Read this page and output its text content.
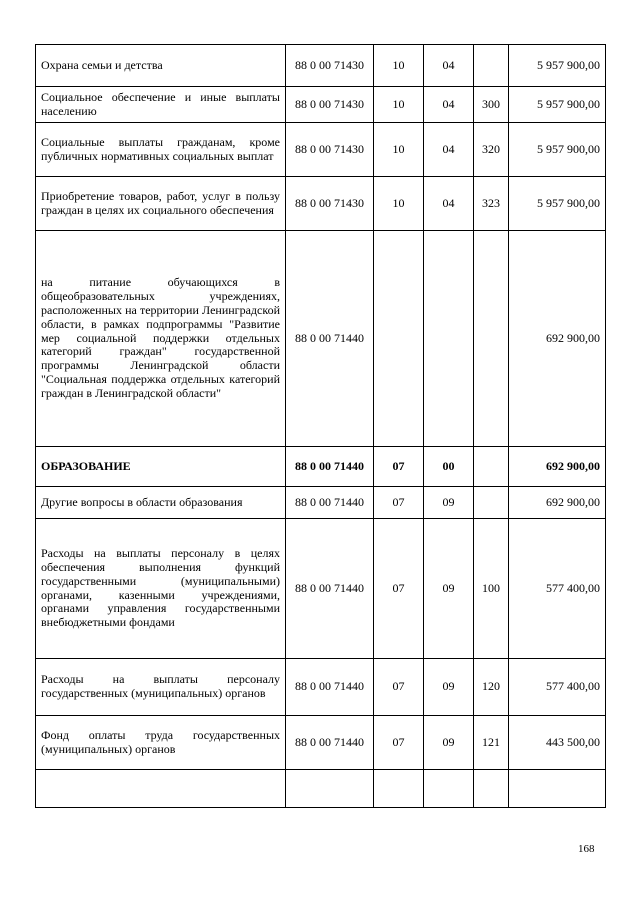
Охрана семьи и детства	88 0 00 71430	10	04		5 957 900,00
Социальное обеспечение и иные выплаты населению	88 0 00 71430	10	04	300	5 957 900,00
Социальные выплаты гражданам, кроме публичных нормативных социальных выплат	88 0 00 71430	10	04	320	5 957 900,00
Приобретение товаров, работ, услуг в пользу граждан в целях их социального обеспечения	88 0 00 71430	10	04	323	5 957 900,00
на питание обучающихся в общеобразовательных учреждениях, расположенных на территории Ленинградской области, в рамках подпрограммы "Развитие мер социальной поддержки отдельных категорий граждан" государственной программы Ленинградской области "Социальная поддержка отдельных категорий граждан в Ленинградской области"	88 0 00 71440				692 900,00
ОБРАЗОВАНИЕ	88 0 00 71440	07	00		692 900,00
Другие вопросы в области образования	88 0 00 71440	07	09		692 900,00
Расходы на выплаты персоналу в целях обеспечения выполнения функций государственными (муниципальными) органами, казенными учреждениями, органами управления государственными внебюджетными фондами	88 0 00 71440	07	09	100	577 400,00
Расходы на выплаты персоналу государственных (муниципальных) органов	88 0 00 71440	07	09	120	577 400,00
Фонд оплаты труда государственных (муниципальных) органов	88 0 00 71440	07	09	121	443 500,00

168
